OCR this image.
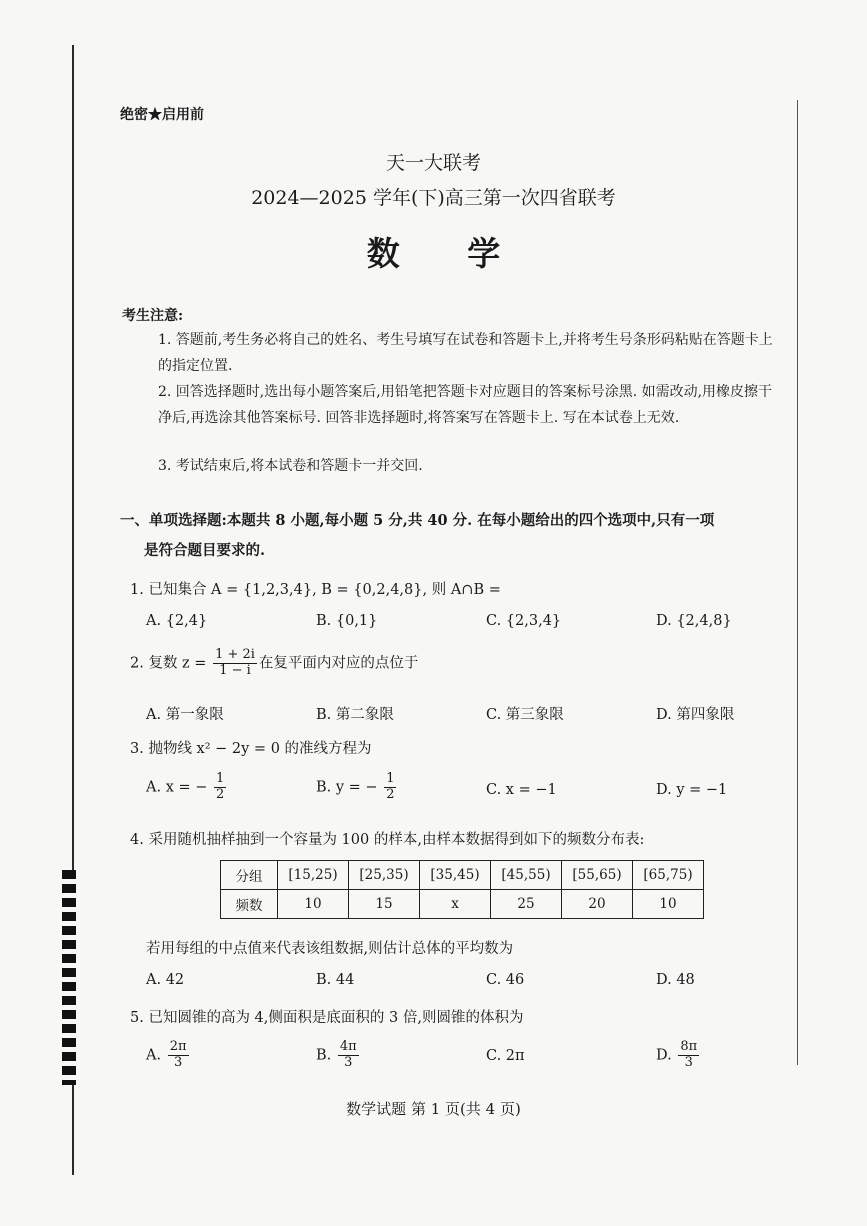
绝密★启用前
天一大联考
2024—2025 学年(下)高三第一次四省联考
数 学
考生注意:
1. 答题前,考生务必将自己的姓名、考生号填写在试卷和答题卡上,并将考生号条形码粘贴在答题卡上的指定位置.
2. 回答选择题时,选出每小题答案后,用铅笔把答题卡对应题目的答案标号涂黑. 如需改动,用橡皮擦干净后,再选涂其他答案标号. 回答非选择题时,将答案写在答题卡上. 写在本试卷上无效.
3. 考试结束后,将本试卷和答题卡一并交回.
一、单项选择题:本题共 8 小题,每小题 5 分,共 40 分. 在每小题给出的四个选项中,只有一项
是符合题目要求的.
1. 已知集合 A = {1,2,3,4}, B = {0,2,4,8}, 则 A∩B =
A. {2,4}	B. {0,1}	C. {2,3,4}	D. {2,4,8}
2. 复数 $z = \frac{1 + 2i}{1 - i}$ 在复平面内对应的点位于
A. 第一象限	B. 第二象限	C. 第三象限	D. 第四象限
3. 抛物线 x² − 2y = 0 的准线方程为
A. x = − $\frac{1}{2}$	B. y = − $\frac{1}{2}$	C. x = −1	D. y = −1
4. 采用随机抽样抽到一个容量为 100 的样本,由样本数据得到如下的频数分布表:
分组	[15,25)	[25,35)	[35,45)	[45,55)	[55,65)	[65,75)
频数	10	15	x	25	20	10
若用每组的中点值来代表该组数据,则估计总体的平均数为
A. 42	B. 44	C. 46	D. 48
5. 已知圆锥的高为 4,侧面积是底面积的 3 倍,则圆锥的体积为
A. $\frac{2\pi}{3}$	B. $\frac{4\pi}{3}$	C. 2π	D. $\frac{8\pi}{3}$
数学试题 第 1 页(共 4 页)
